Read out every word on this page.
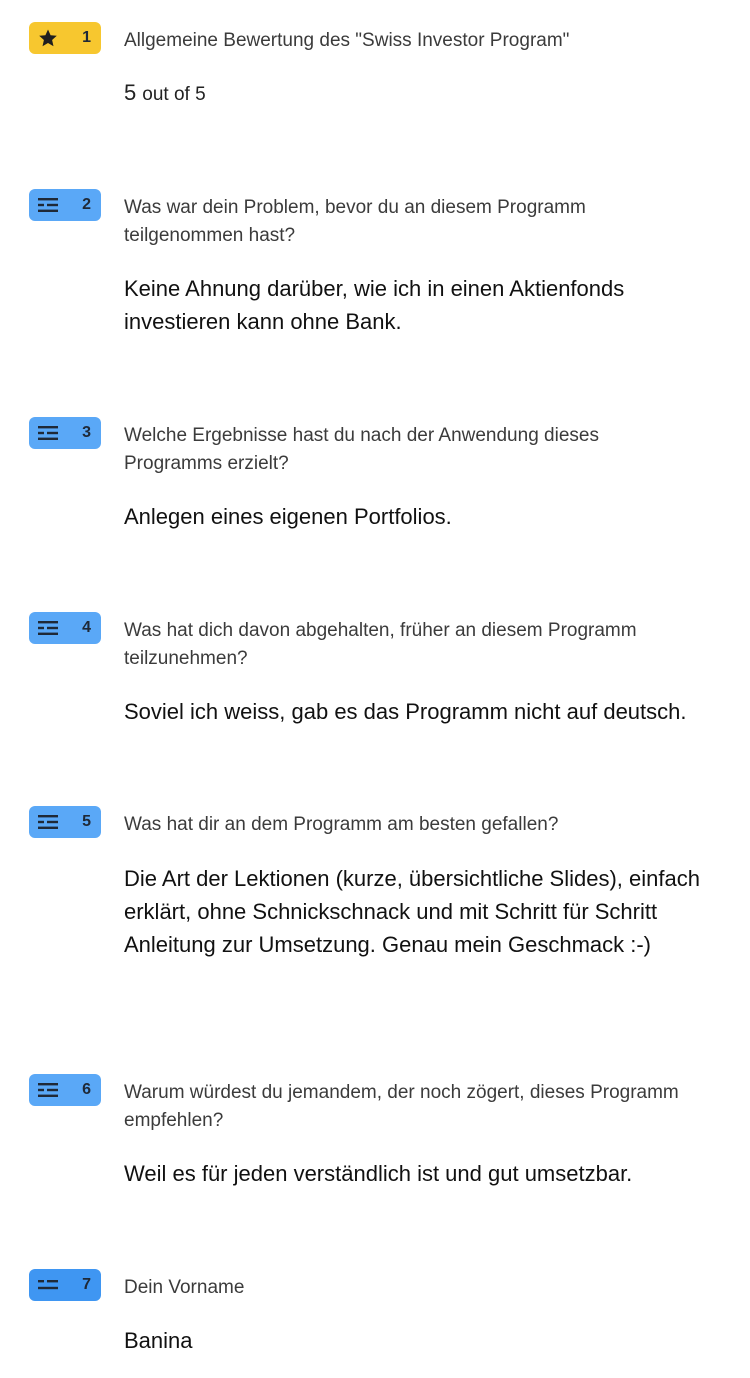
1 Allgemeine Bewertung des "Swiss Investor Program"
5 out of 5
2 Was war dein Problem, bevor du an diesem Programm teilgenommen hast?
Keine Ahnung darüber, wie ich in einen Aktienfonds investieren kann ohne Bank.
3 Welche Ergebnisse hast du nach der Anwendung dieses Programms erzielt?
Anlegen eines eigenen Portfolios.
4 Was hat dich davon abgehalten, früher an diesem Programm teilzunehmen?
Soviel ich weiss, gab es das Programm nicht auf deutsch.
5 Was hat dir an dem Programm am besten gefallen?
Die Art der Lektionen (kurze, übersichtliche Slides), einfach erklärt, ohne Schnickschnack und mit Schritt für Schritt Anleitung zur Umsetzung. Genau mein Geschmack :-)
6 Warum würdest du jemandem, der noch zögert, dieses Programm empfehlen?
Weil es für jeden verständlich ist und gut umsetzbar.
7 Dein Vorname
Banina
